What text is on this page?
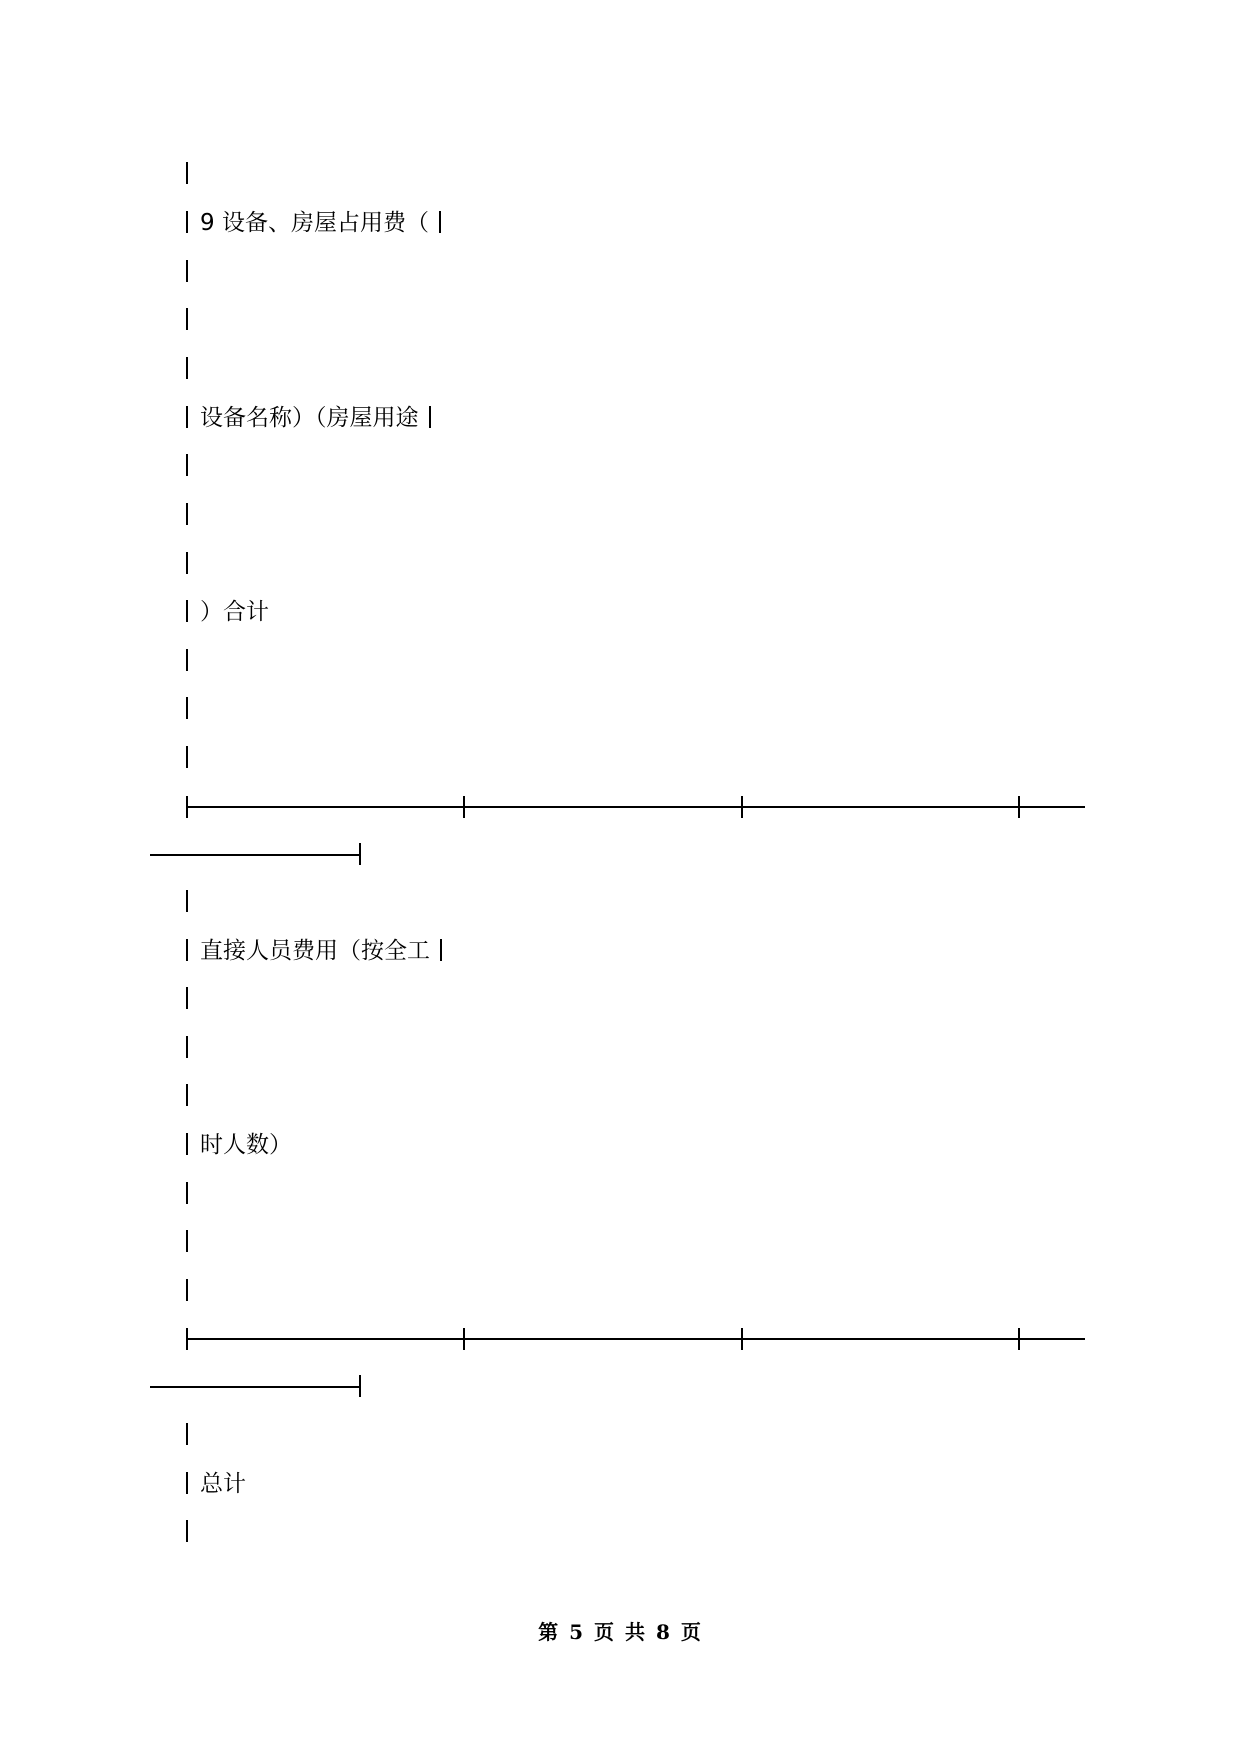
9 设备、房屋占用费（
设备名称）（房屋用途
）合计
直接人员费用（按全工
时人数）
总计
第 5 页 共 8 页
